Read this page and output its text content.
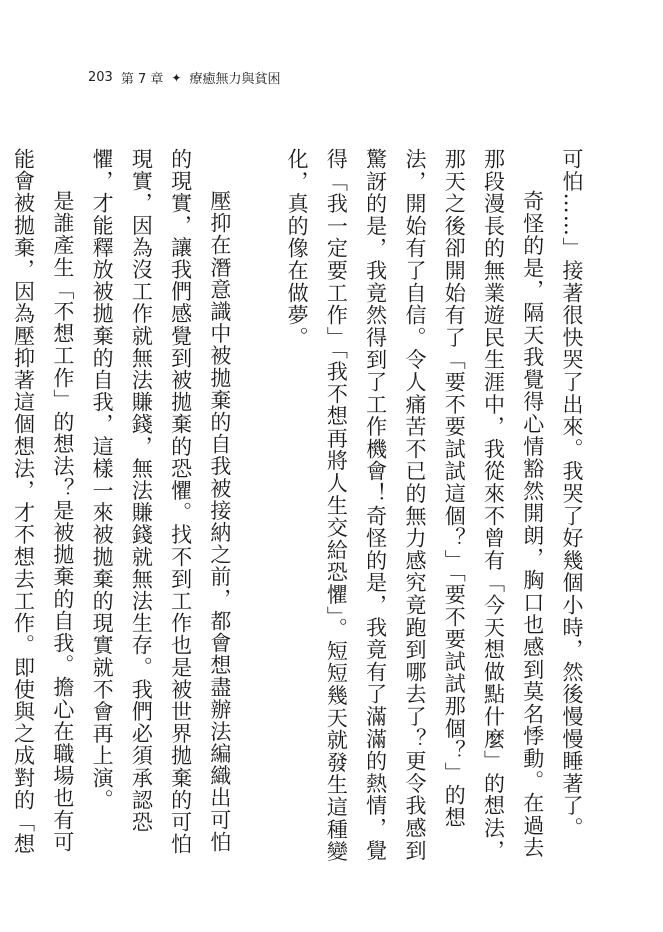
203 第 7 章 ✦ 療癒無力與貧困

可怕……」接著很快哭了出來。我哭了好幾個小時，然後慢慢睡著了。

奇怪的是，隔天我覺得心情豁然開朗，胸口也感到莫名悸動。在過去那段漫長的無業遊民生涯中，我從來不曾有「今天想做點什麼」的想法，那天之後卻開始有了「要不要試試這個？」「要不要試試那個？」的想法，開始有了自信。令人痛苦不已的無力感究竟跑到哪去了？更令我感到驚訝的是，我竟然得到了工作機會！奇怪的是，我竟有了滿滿的熱情，覺得「我一定要工作」「我不想再將人生交給恐懼」。短短幾天就發生這種變化，真的像在做夢。

壓抑在潛意識中被拋棄的自我被接納之前，都會想盡辦法編織出可怕的現實，讓我們感覺到被拋棄的恐懼。找不到工作也是被世界拋棄的可怕現實，因為沒工作就無法賺錢，無法賺錢就無法生存。我們必須承認恐懼，才能釋放被拋棄的自我，這樣一來被拋棄的現實就不會再上演。

是誰產生「不想工作」的想法？是被拋棄的自我。擔心在職場也有可能會被拋棄，因為壓抑著這個想法，才不想去工作。即使與之成對的「想
